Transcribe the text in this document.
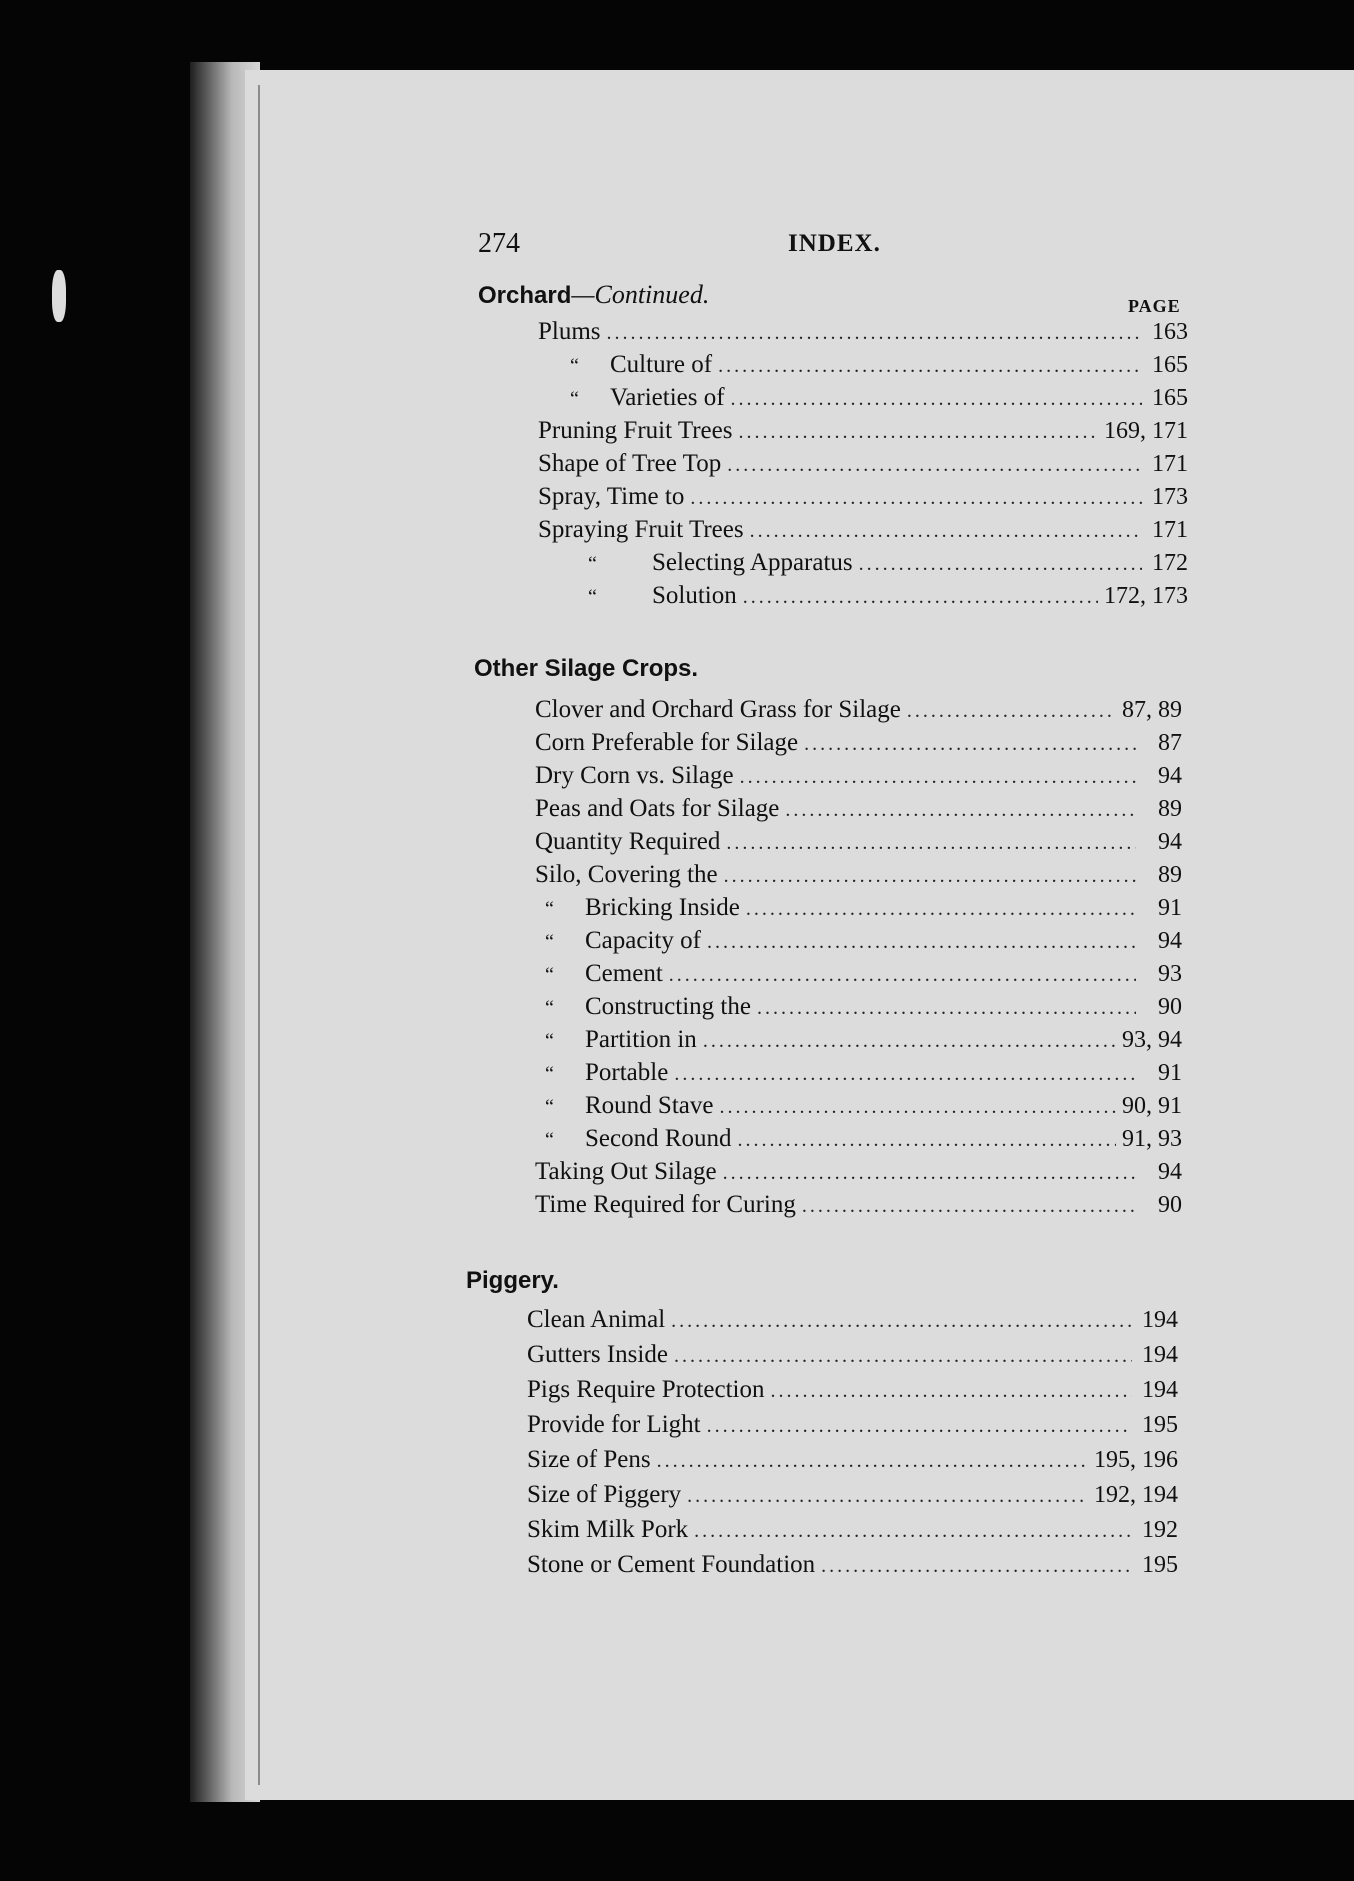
274	INDEX.
Orchard—Continued.	PAGE
Plums .....	163
“	Culture of .....	165
“	Varieties of .....	165
Pruning Fruit Trees .....	169, 171
Shape of Tree Top .....	171
Spray, Time to .....	173
Spraying Fruit Trees .....	171
“	Selecting Apparatus .....	172
“	Solution .....	172, 173
Other Silage Crops.
Clover and Orchard Grass for Silage .....	87, 89
Corn Preferable for Silage .....	87
Dry Corn vs. Silage .....	94
Peas and Oats for Silage .....	89
Quantity Required .....	94
Silo, Covering the .....	89
“	Bricking Inside .....	91
“	Capacity of .....	94
“	Cement .....	93
“	Constructing the .....	90
“	Partition in .....	93, 94
“	Portable .....	91
“	Round Stave .....	90, 91
“	Second Round .....	91, 93
Taking Out Silage .....	94
Time Required for Curing .....	90
Piggery.
Clean Animal .....	194
Gutters Inside .....	194
Pigs Require Protection .....	194
Provide for Light .....	195
Size of Pens .....	195, 196
Size of Piggery .....	192, 194
Skim Milk Pork .....	192
Stone or Cement Foundation .....	195
